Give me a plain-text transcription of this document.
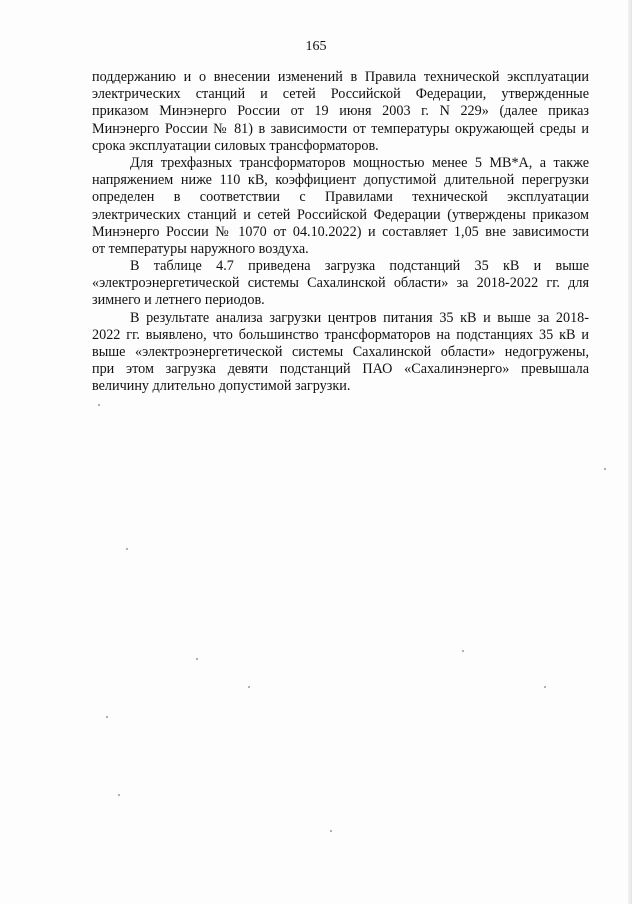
165
поддержанию и о внесении изменений в Правила технической эксплуатации
электрических станций и сетей Российской Федерации, утвержденные
приказом Минэнерго России от 19 июня 2003 г. N 229» (далее приказ
Минэнерго России № 81) в зависимости от температуры окружающей среды и
срока эксплуатации силовых трансформаторов.
Для трехфазных трансформаторов мощностью менее 5 МВ*А, а также
напряжением ниже 110 кВ, коэффициент допустимой длительной перегрузки
определен в соответствии с Правилами технической эксплуатации
электрических станций и сетей Российской Федерации (утверждены приказом
Минэнерго России № 1070 от 04.10.2022) и составляет 1,05 вне зависимости
от температуры наружного воздуха.
В таблице 4.7 приведена загрузка подстанций 35 кВ и выше
«электроэнергетической системы Сахалинской области» за 2018-2022 гг. для
зимнего и летнего периодов.
В результате анализа загрузки центров питания 35 кВ и выше за 2018-
2022 гг. выявлено, что большинство трансформаторов на подстанциях 35 кВ и
выше «электроэнергетической системы Сахалинской области» недогружены,
при этом загрузка девяти подстанций ПАО «Сахалинэнерго» превышала
величину длительно допустимой загрузки.
